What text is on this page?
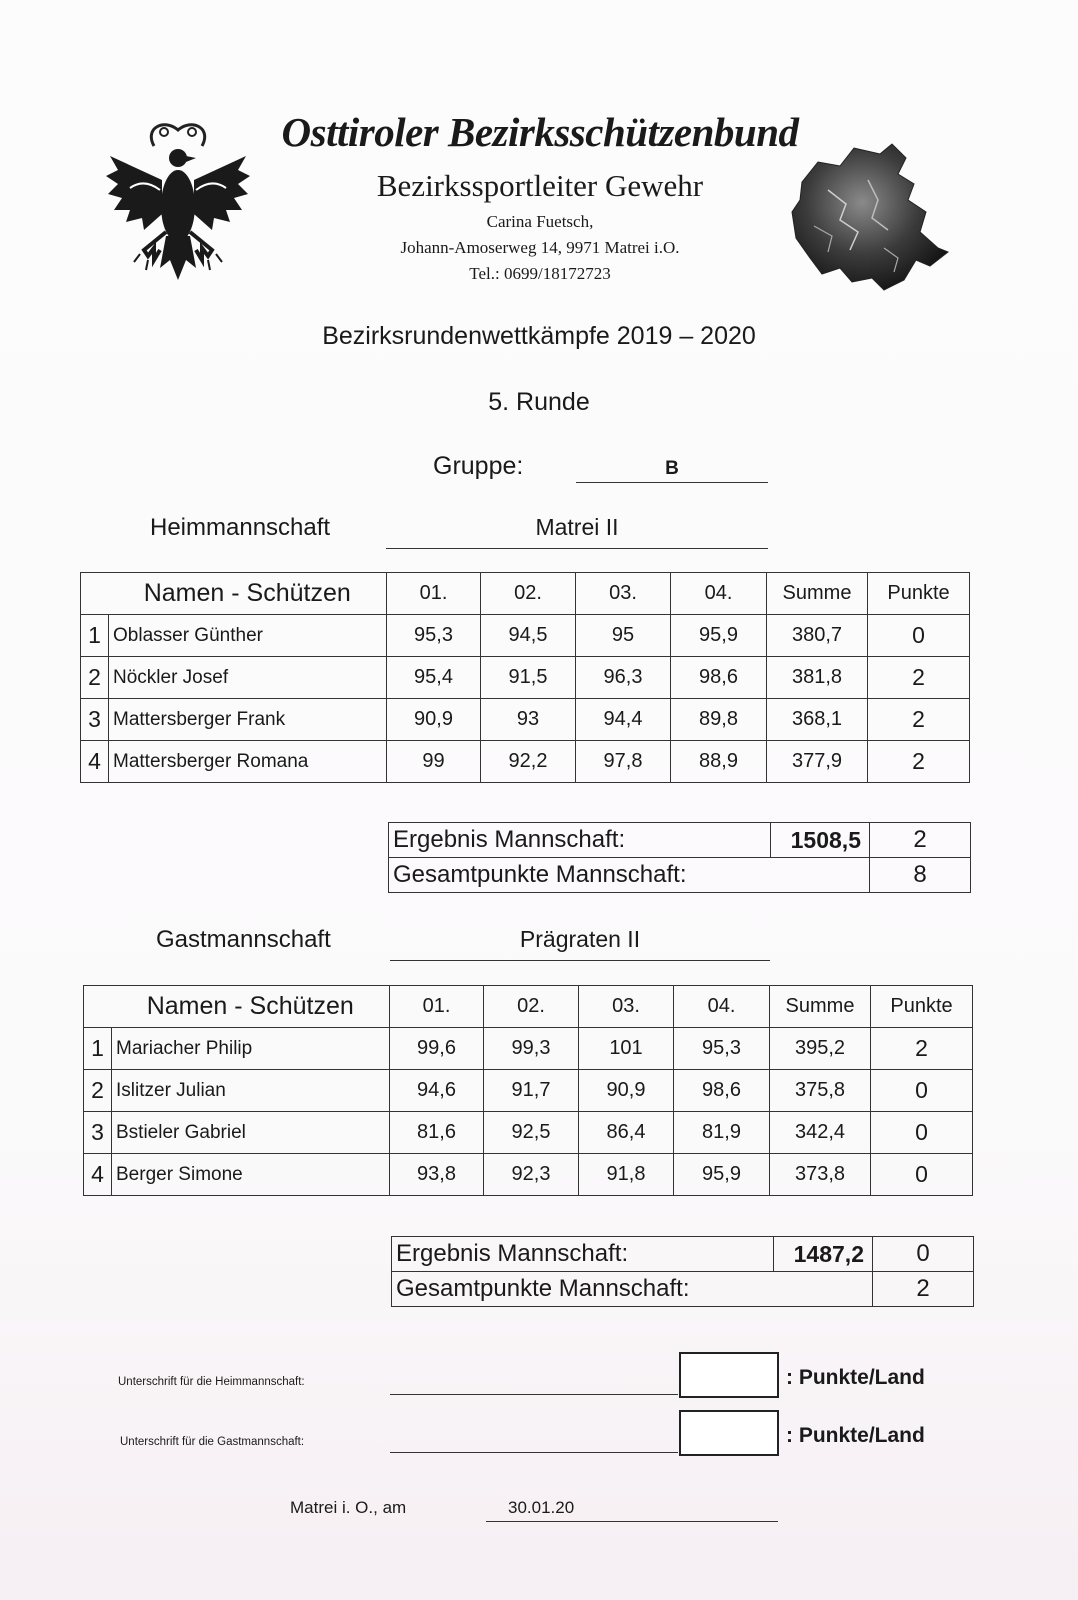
Osttiroler Bezirksschützenbund
Bezirkssportleiter Gewehr
Carina Fuetsch,
Johann-Amoserweg 14, 9971 Matrei i.O.
Tel.: 0699/18172723
Bezirksrundenwettkämpfe 2019 – 2020
5. Runde
Gruppe:	B
Heimmannschaft	Matrei II
	Namen - Schützen	01.	02.	03.	04.	Summe	Punkte
1	Oblasser Günther	95,3	94,5	95	95,9	380,7	0
2	Nöckler Josef	95,4	91,5	96,3	98,6	381,8	2
3	Mattersberger Frank	90,9	93	94,4	89,8	368,1	2
4	Mattersberger Romana	99	92,2	97,8	88,9	377,9	2
Ergebnis Mannschaft:	1508,5	2
Gesamtpunkte Mannschaft:		8
Gastmannschaft	Prägraten II
	Namen - Schützen	01.	02.	03.	04.	Summe	Punkte
1	Mariacher Philip	99,6	99,3	101	95,3	395,2	2
2	Islitzer Julian	94,6	91,7	90,9	98,6	375,8	0
3	Bstieler Gabriel	81,6	92,5	86,4	81,9	342,4	0
4	Berger Simone	93,8	92,3	91,8	95,9	373,8	0
Ergebnis Mannschaft:	1487,2	0
Gesamtpunkte Mannschaft:		2
Unterschrift für die Heimmannschaft:	: Punkte/Land
Unterschrift für die Gastmannschaft:	: Punkte/Land
Matrei i. O., am	30.01.20
